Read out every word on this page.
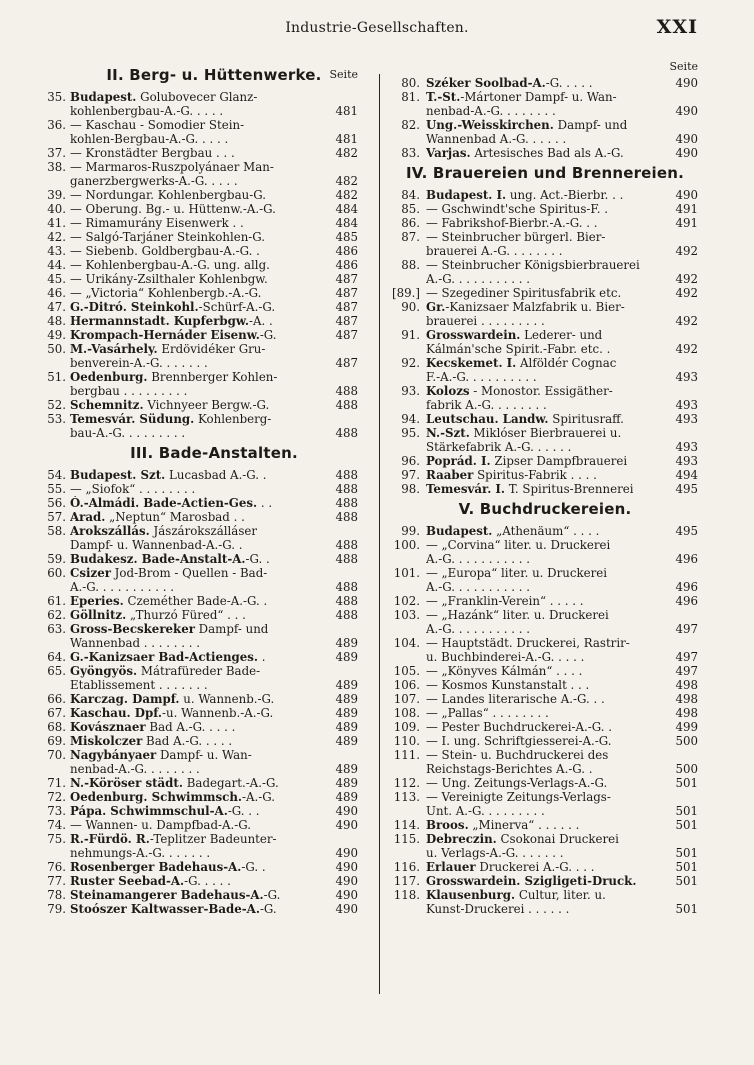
Industrie-Gesellschaften.	XXI
Seite
II. Berg- u. Hüttenwerke.
35. Budapest. Golubovecer Glanz-
kohlenbergbau-A.-G. . . . .	481
36. — Kaschau - Somodier Stein-
kohlen-Bergbau-A.-G. . . . .	481
37. — Kronstädter Bergbau . . .	482
38. — Marmaros-Ruszpolyánaer Man-
ganerzbergwerks-A.-G. . . . .	482
39. — Nordungar. Kohlenbergbau-G.	482
40. — Oberung. Bg.- u. Hüttenw.-A.-G.	484
41. — Rimamurány Eisenwerk . .	484
42. — Salgó-Tarjáner Steinkohlen-G.	485
43. — Siebenb. Goldbergbau-A.-G. .	486
44. — Kohlenbergbau-A.-G. ung. allg.	486
45. — Urikány-Zsilthaler Kohlenbgw.	487
46. — „Victoria“ Kohlenbergb.-A.-G.	487
47. G.-Ditró. Steinkohl.-Schürf-A.-G.	487
48. Hermannstadt. Kupferbgw.-A. .	487
49. Krompach-Hernáder Eisenw.-G.	487
50. M.-Vasárhely. Erdövidéker Gru-
benverein-A.-G. . . . . . .	487
51. Oedenburg. Brennberger Kohlen-
bergbau . . . . . . . . .	488
52. Schemnitz. Vichnyeer Bergw.-G.	488
53. Temesvár. Südung. Kohlenberg-
bau-A.-G. . . . . . . . .	488
III. Bade-Anstalten.
54. Budapest. Szt. Lucasbad A.-G. .	488
55. — „Siofok“ . . . . . . . .	488
56. Ó.-Almádi. Bade-Actien-Ges. . .	488
57. Arad. „Neptun“ Marosbad . .	488
58. Arokszállás. Jászárokszálláser
Dampf- u. Wannenbad-A.-G. .	488
59. Budakesz. Bade-Anstalt-A.-G. .	488
60. Csizer Jod-Brom - Quellen - Bad-
A.-G. . . . . . . . . . .	488
61. Eperies. Czeméther Bade-A.-G. .	488
62. Göllnitz. „Thurzó Füred“ . . .	488
63. Gross-Becskereker Dampf- und
Wannenbad . . . . . . . .	489
64. G.-Kanizsaer Bad-Actienges. .	489
65. Gyöngyös. Mátrafüreder Bade-
Etablissement . . . . . . .	489
66. Karczag. Dampf. u. Wannenb.-G.	489
67. Kaschau. Dpf.-u. Wannenb.-A.-G.	489
68. Kovásznaer Bad A.-G. . . . .	489
69. Miskolczer Bad A.-G. . . . .	489
70. Nagybányaer Dampf- u. Wan-
nenbad-A.-G. . . . . . . .	489
71. N.-Köröser städt. Badegart.-A.-G.	489
72. Oedenburg. Schwimmsch.-A.-G.	489
73. Pápa. Schwimmschul-A.-G. . .	490
74. — Wannen- u. Dampfbad-A.-G.	490
75. R.-Fürdö. R.-Teplitzer Badeunter-
nehmungs-A.-G. . . . . . .	490
76. Rosenberger Badehaus-A.-G. .	490
77. Ruster Seebad-A.-G. . . . .	490
78. Steinamangerer Badehaus-A.-G.	490
79. Stoószer Kaltwasser-Bade-A.-G.	490
Seite
80. Széker Soolbad-A.-G. . . . .	490
81. T.-St.-Mártoner Dampf- u. Wan-
nenbad-A.-G. . . . . . . .	490
82. Ung.-Weisskirchen. Dampf- und
Wannenbad A.-G. . . . . .	490
83. Varjas. Artesisches Bad als A.-G.	490
IV. Brauereien und Brennereien.
84. Budapest. I. ung. Act.-Bierbr. . .	490
85. — Gschwindt'sche Spiritus-F. .	491
86. — Fabrikshof-Bierbr.-A.-G. . .	491
87. — Steinbrucher bürgerl. Bier-
brauerei A.-G. . . . . . . .	492
88. — Steinbrucher Königsbierbrauerei
A.-G. . . . . . . . . . .	492
[89.] — Szegediner Spiritusfabrik etc.	492
90. Gr.-Kanizsaer Malzfabrik u. Bier-
brauerei . . . . . . . . .	492
91. Grosswardein. Lederer- und
Kálmán'sche Spirit.-Fabr. etc. .	492
92. Kecskemet. I. Alföldér Cognac
F.-A.-G. . . . . . . . . .	493
93. Kolozs - Monostor. Essigäther-
fabrik A.-G. . . . . . . .	493
94. Leutschau. Landw. Spiritusraff.	493
95. N.-Szt. Miklóser Bierbrauerei u.
Stärkefabrik A.-G. . . . . .	493
96. Poprád. I. Zipser Dampfbrauerei	493
97. Raaber Spiritus-Fabrik . . . .	494
98. Temesvár. I. T. Spiritus-Brennerei	495
V. Buchdruckereien.
99. Budapest. „Athenäum“ . . . .	495
100. — „Corvina“ liter. u. Druckerei
A.-G. . . . . . . . . . .	496
101. — „Europa“ liter. u. Druckerei
A.-G. . . . . . . . . . .	496
102. — „Franklin-Verein“ . . . . .	496
103. — „Hazánk“ liter. u. Druckerei
A.-G. . . . . . . . . . .	497
104. — Hauptstädt. Druckerei, Rastrir-
u. Buchbinderei-A.-G. . . . .	497
105. — „Könyves Kálmán“ . . . .	497
106. — Kosmos Kunstanstalt . . .	498
107. — Landes literarische A.-G. . .	498
108. — „Pallas“ . . . . . . . .	498
109. — Pester Buchdruckerei-A.-G. .	499
110. — I. ung. Schriftgiesserei-A.-G.	500
111. — Stein- u. Buchdruckerei des
Reichstags-Berichtes A.-G. .	500
112. — Ung. Zeitungs-Verlags-A.-G.	501
113. — Vereinigte Zeitungs-Verlags-
Unt. A.-G. . . . . . . . .	501
114. Broos. „Minerva“ . . . . . .	501
115. Debreczin. Csokonai Druckerei
u. Verlags-A.-G. . . . . . .	501
116. Erlauer Druckerei A.-G. . . .	501
117. Grosswardein. Szigligeti-Druck.	501
118. Klausenburg. Cultur, liter. u.
Kunst-Druckerei . . . . . .	501
